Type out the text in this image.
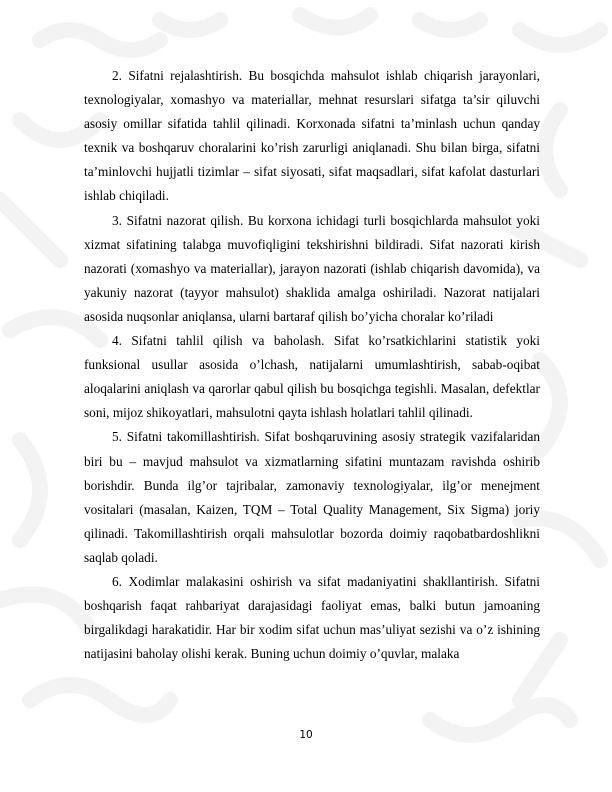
2. Sifatni rejalashtirish. Bu bosqichda mahsulot ishlab chiqarish jarayonlari, texnologiyalar, xomashyo va materiallar, mehnat resurslari sifatga ta’sir qiluvchi asosiy omillar sifatida tahlil qilinadi. Korxonada sifatni ta’minlash uchun qanday texnik va boshqaruv choralarini ko’rish zarurligi aniqlanadi. Shu bilan birga, sifatni ta’minlovchi hujjatli tizimlar – sifat siyosati, sifat maqsadlari, sifat kafolat dasturlari ishlab chiqiladi.

3. Sifatni nazorat qilish. Bu korxona ichidagi turli bosqichlarda mahsulot yoki xizmat sifatining talabga muvofiqligini tekshirishni bildiradi. Sifat nazorati kirish nazorati (xomashyo va materiallar), jarayon nazorati (ishlab chiqarish davomida), va yakuniy nazorat (tayyor mahsulot) shaklida amalga oshiriladi. Nazorat natijalari asosida nuqsonlar aniqlansa, ularni bartaraf qilish bo’yicha choralar ko’riladi

4. Sifatni tahlil qilish va baholash. Sifat ko’rsatkichlarini statistik yoki funksional usullar asosida o’lchash, natijalarni umumlashtirish, sabab-oqibat aloqalarini aniqlash va qarorlar qabul qilish bu bosqichga tegishli. Masalan, defektlar soni, mijoz shikoyatlari, mahsulotni qayta ishlash holatlari tahlil qilinadi.

5. Sifatni takomillashtirish. Sifat boshqaruvining asosiy strategik vazifalaridan biri bu – mavjud mahsulot va xizmatlarning sifatini muntazam ravishda oshirib borishdir. Bunda ilg’or tajribalar, zamonaviy texnologiyalar, ilg’or menejment vositalari (masalan, Kaizen, TQM – Total Quality Management, Six Sigma) joriy qilinadi. Takomillashtirish orqali mahsulotlar bozorda doimiy raqobatbardoshlikni saqlab qoladi.

6. Xodimlar malakasini oshirish va sifat madaniyatini shakllantirish. Sifatni boshqarish faqat rahbariyat darajasidagi faoliyat emas, balki butun jamoaning birgalikdagi harakatidir. Har bir xodim sifat uchun mas’uliyat sezishi va o’z ishining natijasini baholay olishi kerak. Buning uchun doimiy o’quvlar, malaka

10
